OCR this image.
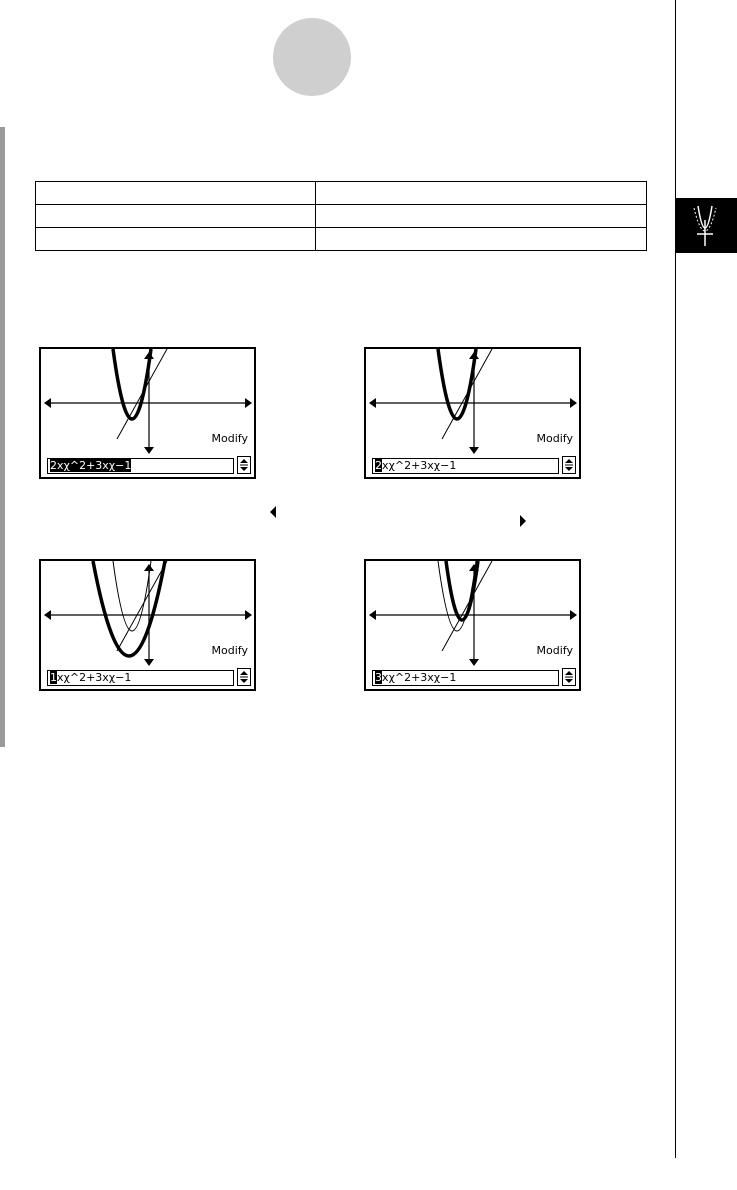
Modify
2xχ^2+3xχ−1
Modify
2xχ^2+3xχ−1
Modify
1xχ^2+3xχ−1
Modify
3xχ^2+3xχ−1
